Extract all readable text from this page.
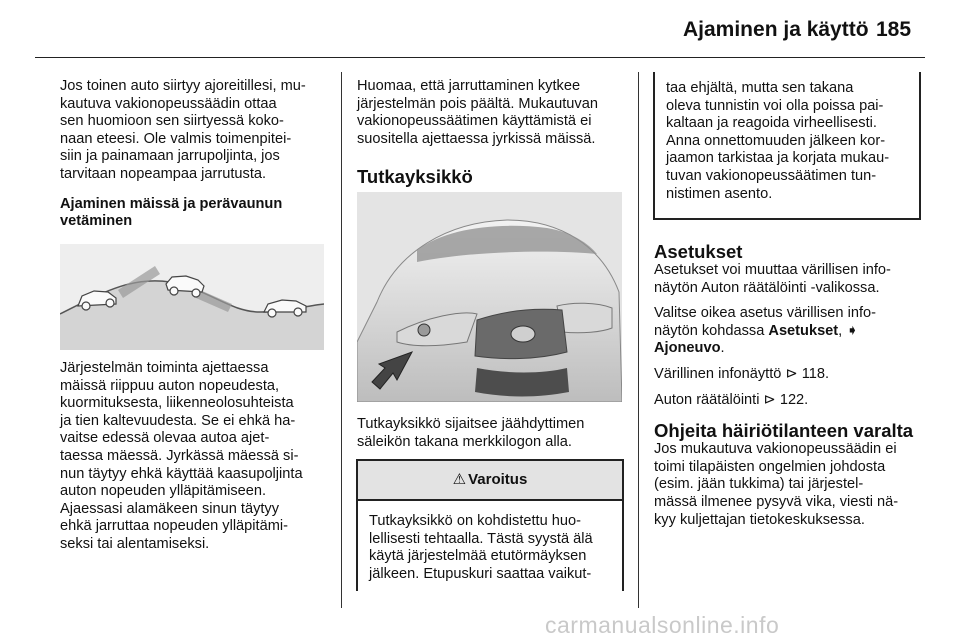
Ajaminen ja käyttö 185

Jos toinen auto siirtyy ajoreitillesi, mu-
kautuva vakionopeussäädin ottaa
sen huomioon sen siirtyessä koko-
naan eteesi. Ole valmis toimenpitei-
siin ja painamaan jarrupoljinta, jos
tarvitaan nopeampaa jarrutusta.

Ajaminen mäissä ja perävaunun
vetäminen

Järjestelmän toiminta ajettaessa
mäissä riippuu auton nopeudesta,
kuormituksesta, liikenneolosuhteista
ja tien kaltevuudesta. Se ei ehkä ha-
vaitse edessä olevaa autoa ajet-
taessa mäessä. Jyrkässä mäessä si-
nun täytyy ehkä käyttää kaasupoljinta
auton nopeuden ylläpitämiseen.
Ajaessasi alamäkeen sinun täytyy
ehkä jarruttaa nopeuden ylläpitämi-
seksi tai alentamiseksi.

Huomaa, että jarruttaminen kytkee
järjestelmän pois päältä. Mukautuvan
vakionopeussäätimen käyttämistä ei
suositella ajettaessa jyrkissä mäissä.

Tutkayksikkö

Tutkayksikkö sijaitsee jäähdyttimen
säleikön takana merkkilogon alla.

⚠ Varoitus
Tutkayksikkö on kohdistettu huo-
lellisesti tehtaalla. Tästä syystä älä
käytä järjestelmää etutörmäyksen
jälkeen. Etupuskuri saattaa vaikut-
taa ehjältä, mutta sen takana
oleva tunnistin voi olla poissa pai-
kaltaan ja reagoida virheellisesti.
Anna onnettomuuden jälkeen kor-
jaamon tarkistaa ja korjata mukau-
tuvan vakionopeussäätimen tun-
nistimen asento.
Asetukset

Asetukset voi muuttaa värillisen info-
näytön Auton räätälöinti -valikossa.

Valitse oikea asetus värillisen info-
näytön kohdassa Asetukset, ➧
Ajoneuvo.

Värillinen infonäyttö ⊳ 118.

Auton räätälöinti ⊳ 122.

Ohjeita häiriötilanteen varalta

Jos mukautuva vakionopeussäädin ei
toimi tilapäisten ongelmien johdosta
(esim. jään tukkima) tai järjestel-
mässä ilmenee pysyvä vika, viesti nä-
kyy kuljettajan tietokeskuksessa.

carmanualsonline.info
